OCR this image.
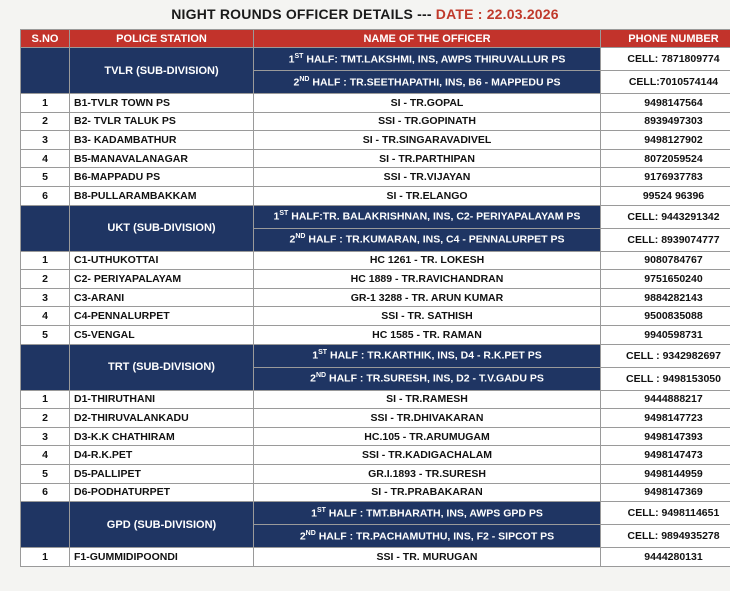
NIGHT ROUNDS OFFICER DETAILS --- DATE : 22.03.2026
S.NO	POLICE STATION	NAME OF THE OFFICER	PHONE NUMBER
	TVLR (SUB-DIVISION)	1ST HALF: TMT.LAKSHMI, INS, AWPS THIRUVALLUR PS	CELL: 7871809774
		2ND HALF : TR.SEETHAPATHI, INS, B6 - MAPPEDU PS	CELL:7010574144
1	B1-TVLR TOWN PS	SI - TR.GOPAL	9498147564
2	B2- TVLR TALUK PS	SSI - TR.GOPINATH	8939497303
3	B3- KADAMBATHUR	SI - TR.SINGARAVADIVEL	9498127902
4	B5-MANAVALANAGAR	SI - TR.PARTHIPAN	8072059524
5	B6-MAPPADU PS	SSI - TR.VIJAYAN	9176937783
6	B8-PULLARAMBAKKAM	SI - TR.ELANGO	99524 96396
	UKT (SUB-DIVISION)	1ST HALF:TR. BALAKRISHNAN, INS, C2- PERIYAPALAYAM PS	CELL: 9443291342
		2ND HALF : TR.KUMARAN, INS, C4 - PENNALURPET PS	CELL: 8939074777
1	C1-UTHUKOTTAI	HC 1261 - TR. LOKESH	9080784767
2	C2- PERIYAPALAYAM	HC 1889 - TR.RAVICHANDRAN	9751650240
3	C3-ARANI	GR-1 3288 - TR. ARUN KUMAR	9884282143
4	C4-PENNALURPET	SSI - TR. SATHISH	9500835088
5	C5-VENGAL	HC 1585 - TR. RAMAN	9940598731
	TRT (SUB-DIVISION)	1ST HALF : TR.KARTHIK, INS, D4 - R.K.PET PS	CELL : 9342982697
		2ND HALF : TR.SURESH, INS, D2 - T.V.GADU PS	CELL : 9498153050
1	D1-THIRUTHANI	SI - TR.RAMESH	9444888217
2	D2-THIRUVALANKADU	SSI - TR.DHIVAKARAN	9498147723
3	D3-K.K CHATHIRAM	HC.105 - TR.ARUMUGAM	9498147393
4	D4-R.K.PET	SSI - TR.KADIGACHALAM	9498147473
5	D5-PALLIPET	GR.I.1893 - TR.SURESH	9498144959
6	D6-PODHATURPET	SI - TR.PRABAKARAN	9498147369
	GPD (SUB-DIVISION)	1ST HALF : TMT.BHARATH, INS, AWPS GPD PS	CELL: 9498114651
		2ND HALF : TR.PACHAMUTHU, INS, F2 - SIPCOT PS	CELL: 9894935278
1	F1-GUMMIDIPOONDI	SSI - TR. MURUGAN	9444280131
